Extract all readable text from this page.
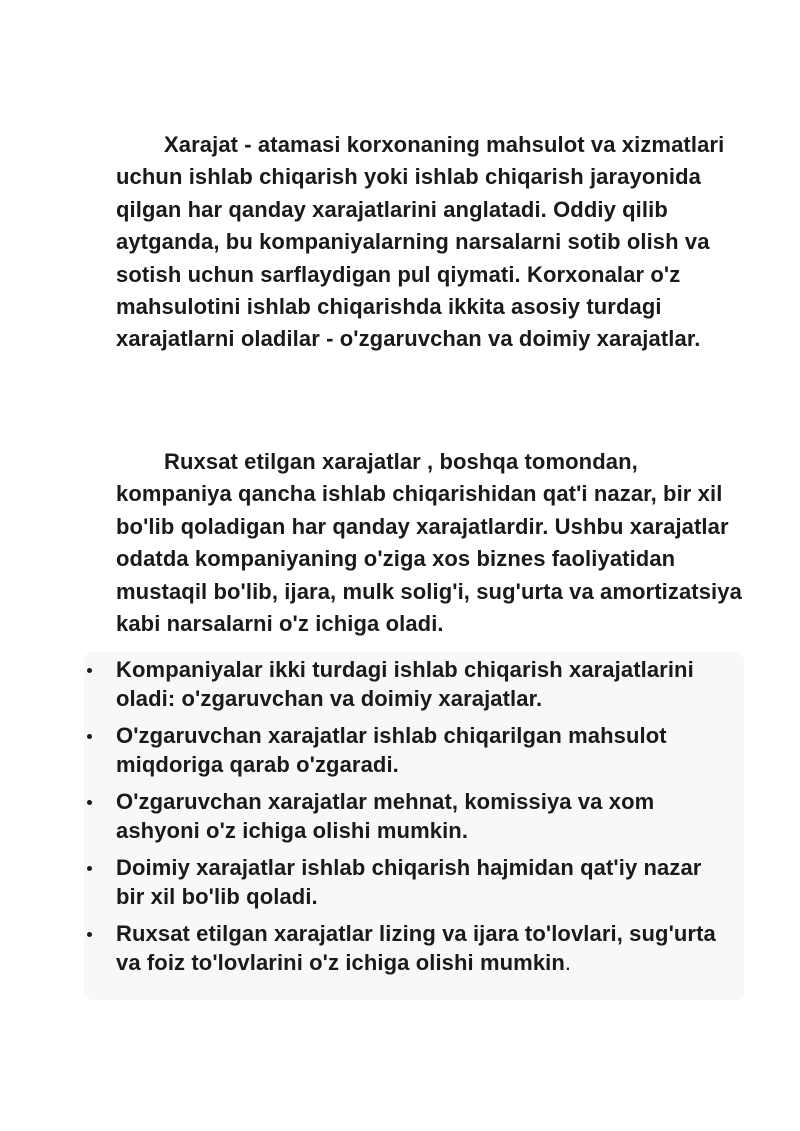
Xarajat - atamasi korxonaning mahsulot va xizmatlari uchun ishlab chiqarish yoki ishlab chiqarish jarayonida qilgan har qanday xarajatlarini anglatadi. Oddiy qilib aytganda, bu kompaniyalarning narsalarni sotib olish va sotish uchun sarflaydigan pul qiymati. Korxonalar o'z mahsulotini ishlab chiqarishda ikkita asosiy turdagi xarajatlarni oladilar - o'zgaruvchan va doimiy xarajatlar.

Ruxsat etilgan xarajatlar , boshqa tomondan, kompaniya qancha ishlab chiqarishidan qat'i nazar, bir xil bo'lib qoladigan har qanday xarajatlardir. Ushbu xarajatlar odatda kompaniyaning o'ziga xos biznes faoliyatidan mustaqil bo'lib, ijara, mulk solig'i, sug'urta va amortizatsiya kabi narsalarni o'z ichiga oladi.

Kompaniyalar ikki turdagi ishlab chiqarish xarajatlarini oladi: o'zgaruvchan va doimiy xarajatlar.
O'zgaruvchan xarajatlar ishlab chiqarilgan mahsulot miqdoriga qarab o'zgaradi.
O'zgaruvchan xarajatlar mehnat, komissiya va xom ashyoni o'z ichiga olishi mumkin.
Doimiy xarajatlar ishlab chiqarish hajmidan qat'iy nazar bir xil bo'lib qoladi.
Ruxsat etilgan xarajatlar lizing va ijara to'lovlari, sug'urta va foiz to'lovlarini o'z ichiga olishi mumkin.
